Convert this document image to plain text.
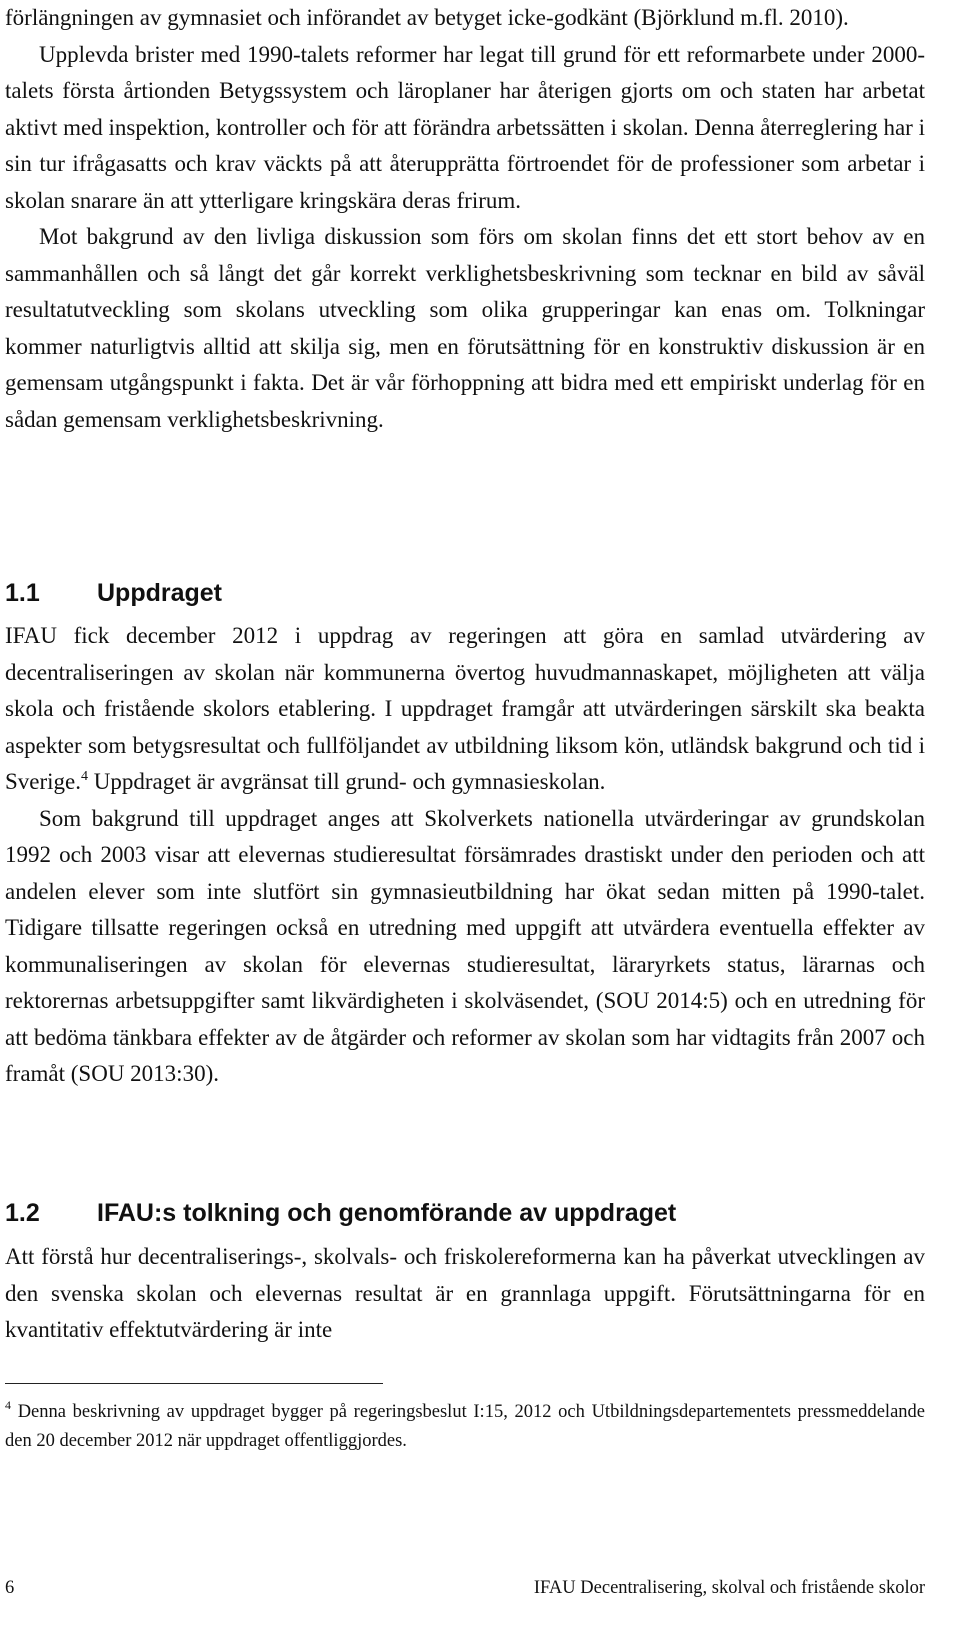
förlängningen av gymnasiet och införandet av betyget icke-godkänt (Björklund m.fl. 2010).

Upplevda brister med 1990-talets reformer har legat till grund för ett reformarbete under 2000-talets första årtionden Betygssystem och läroplaner har återigen gjorts om och staten har arbetat aktivt med inspektion, kontroller och för att förändra arbetssätten i skolan. Denna återreglering har i sin tur ifrågasatts och krav väckts på att återupprätta förtroendet för de professioner som arbetar i skolan snarare än att ytterligare kringskära deras frirum.

Mot bakgrund av den livliga diskussion som förs om skolan finns det ett stort behov av en sammanhållen och så långt det går korrekt verklighetsbeskrivning som tecknar en bild av såväl resultatutveckling som skolans utveckling som olika grupperingar kan enas om. Tolkningar kommer naturligtvis alltid att skilja sig, men en förutsättning för en konstruktiv diskussion är en gemensam utgångspunkt i fakta. Det är vår förhoppning att bidra med ett empiriskt underlag för en sådan gemensam verklighetsbeskrivning.

1.1 Uppdraget

IFAU fick december 2012 i uppdrag av regeringen att göra en samlad utvärdering av decentraliseringen av skolan när kommunerna övertog huvudmannaskapet, möjligheten att välja skola och fristående skolors etablering. I uppdraget framgår att utvärderingen särskilt ska beakta aspekter som betygsresultat och fullföljandet av utbildning liksom kön, utländsk bakgrund och tid i Sverige.$^4$ Uppdraget är avgränsat till grund- och gymnasieskolan.

Som bakgrund till uppdraget anges att Skolverkets nationella utvärderingar av grundskolan 1992 och 2003 visar att elevernas studieresultat försämrades drastiskt under den perioden och att andelen elever som inte slutfört sin gymnasieutbildning har ökat sedan mitten på 1990-talet. Tidigare tillsatte regeringen också en utredning med uppgift att utvärdera eventuella effekter av kommunaliseringen av skolan för elevernas studieresultat, läraryrkets status, lärarnas och rektorernas arbetsuppgifter samt likvärdigheten i skolväsendet, (SOU 2014:5) och en utredning för att bedöma tänkbara effekter av de åtgärder och reformer av skolan som har vidtagits från 2007 och framåt (SOU 2013:30).

1.2 IFAU:s tolkning och genomförande av uppdraget

Att förstå hur decentraliserings-, skolvals- och friskolereformerna kan ha påverkat utvecklingen av den svenska skolan och elevernas resultat är en grannlaga uppgift. Förutsättningarna för en kvantitativ effektutvärdering är inte

$^4$ Denna beskrivning av uppdraget bygger på regeringsbeslut I:15, 2012 och Utbildningsdepartementets pressmeddelande den 20 december 2012 när uppdraget offentliggjordes.
6	IFAU Decentralisering, skolval och fristående skolor
